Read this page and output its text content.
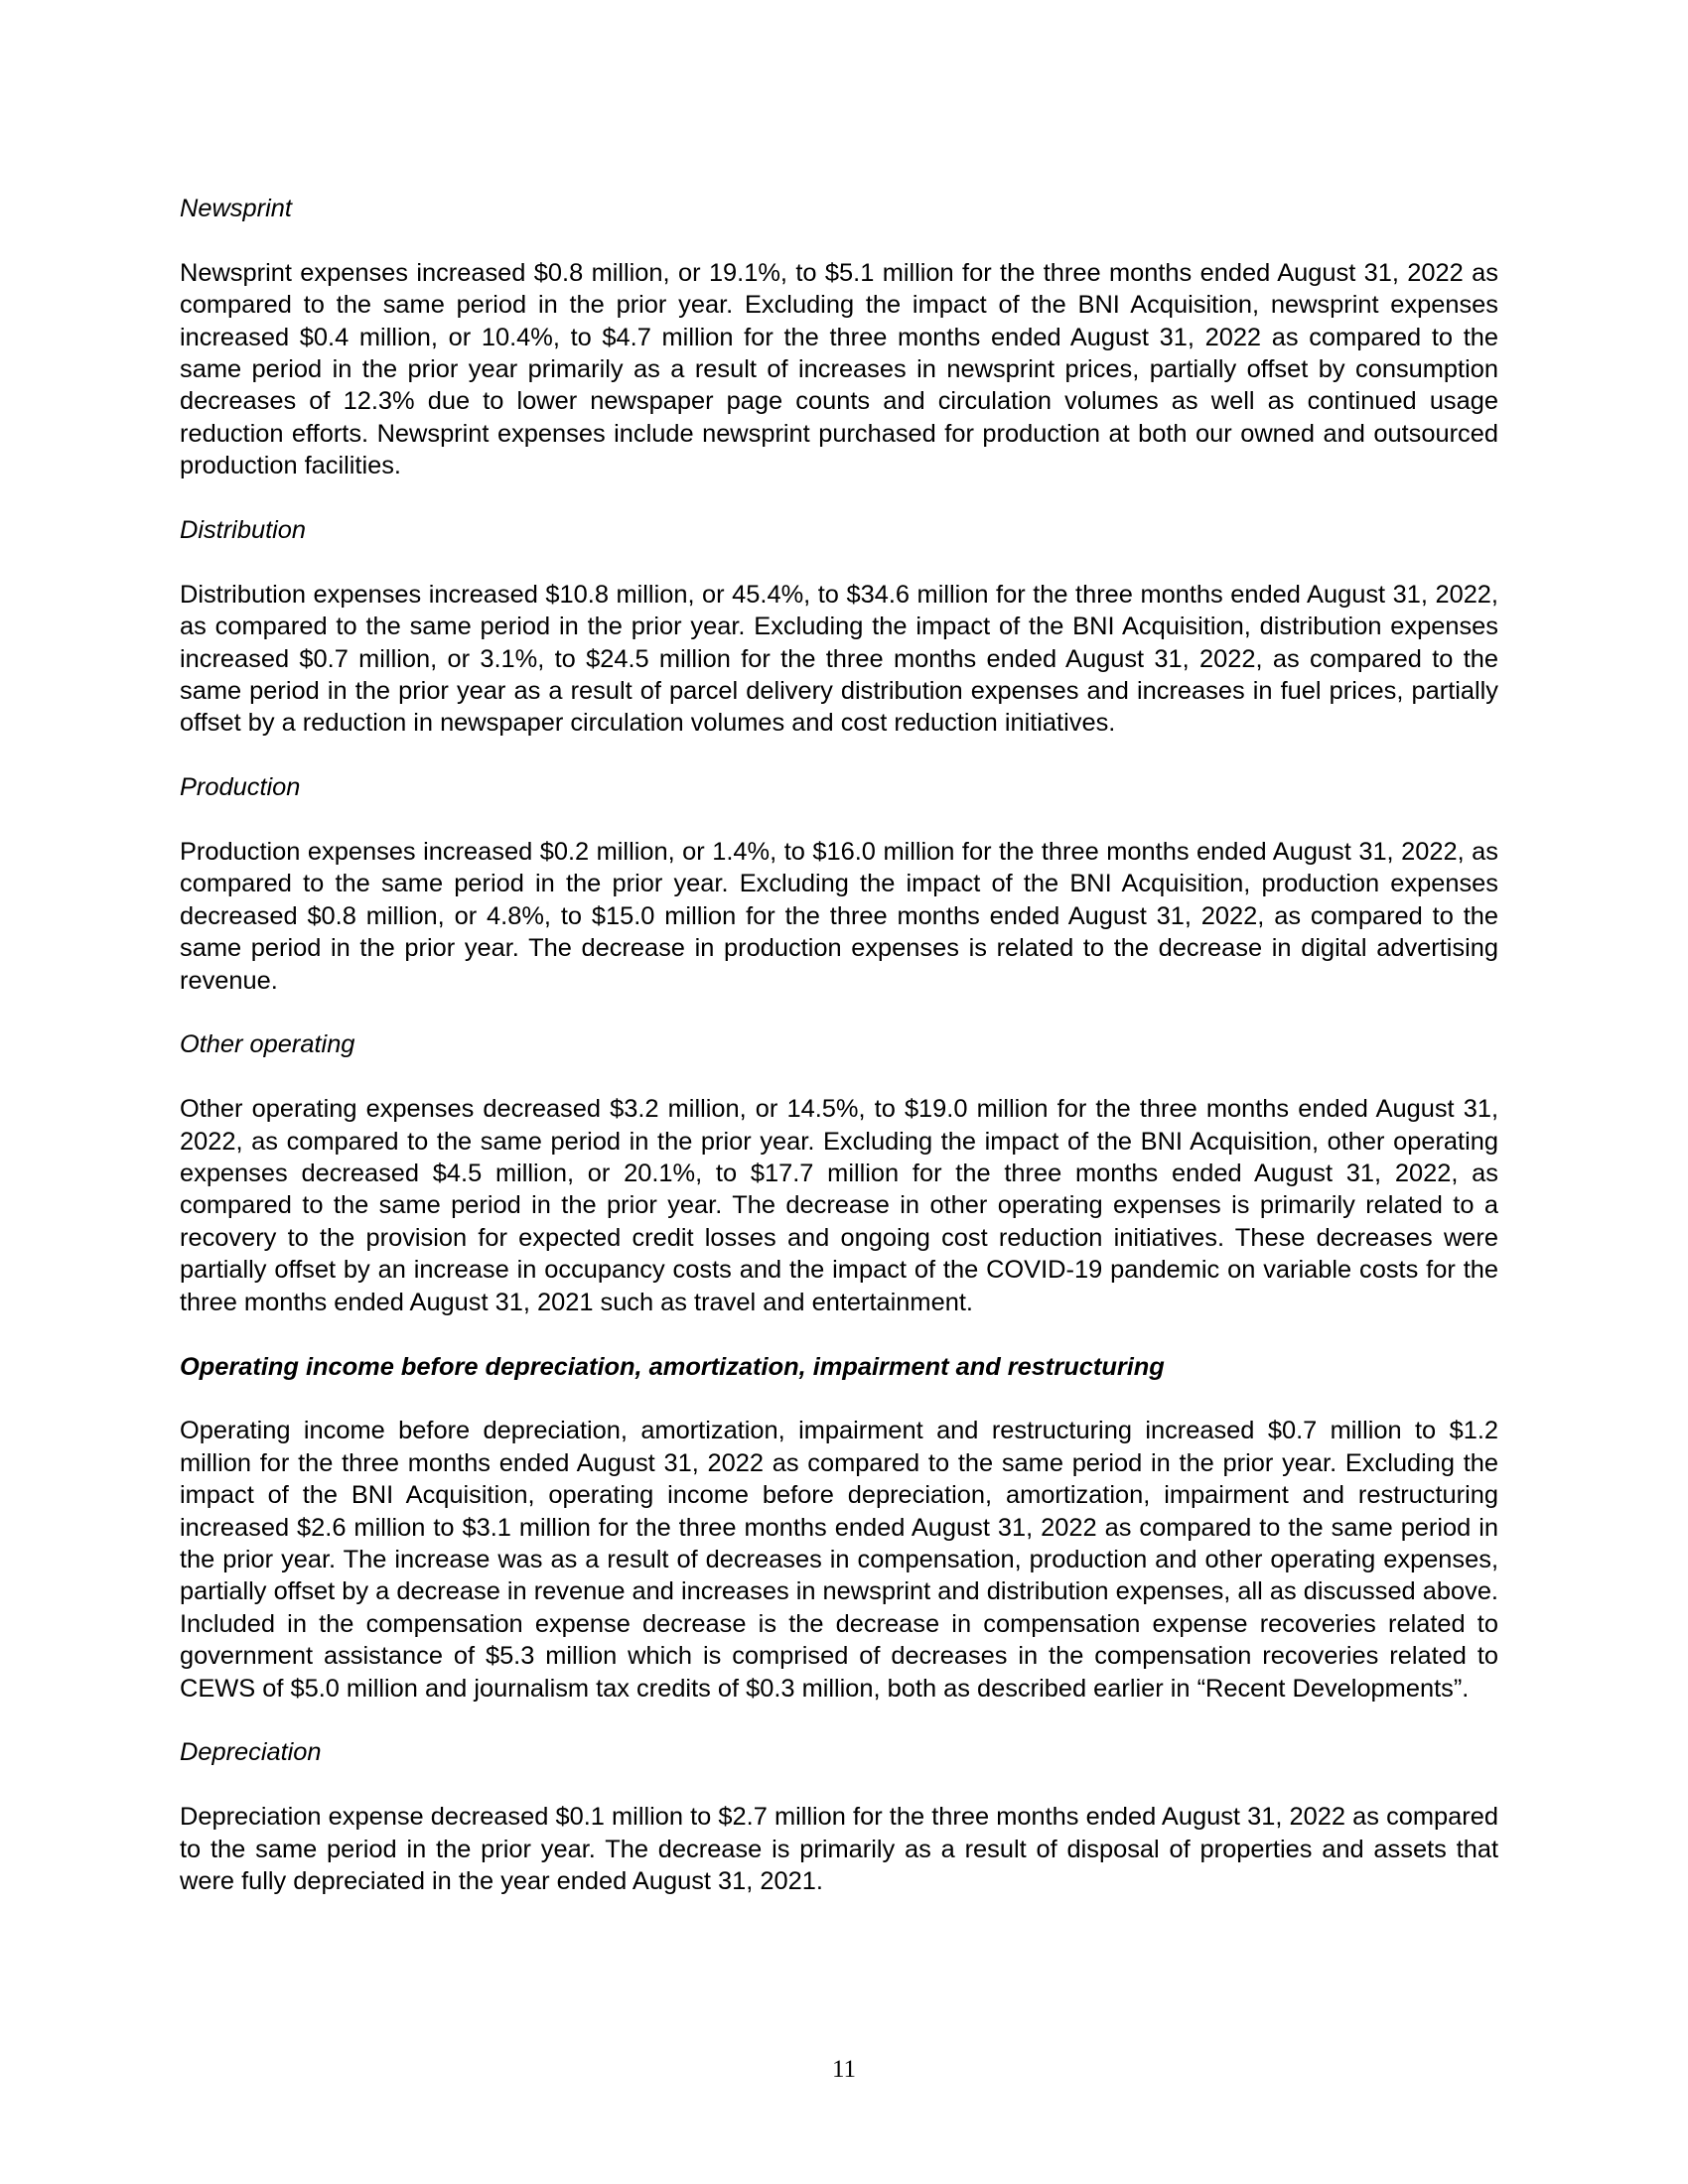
Newsprint
Newsprint expenses increased $0.8 million, or 19.1%, to $5.1 million for the three months ended August 31, 2022 as compared to the same period in the prior year. Excluding the impact of the BNI Acquisition, newsprint expenses increased $0.4 million, or 10.4%, to $4.7 million for the three months ended August 31, 2022 as compared to the same period in the prior year primarily as a result of increases in newsprint prices, partially offset by consumption decreases of 12.3% due to lower newspaper page counts and circulation volumes as well as continued usage reduction efforts. Newsprint expenses include newsprint purchased for production at both our owned and outsourced production facilities.
Distribution
Distribution expenses increased $10.8 million, or 45.4%, to $34.6 million for the three months ended August 31, 2022, as compared to the same period in the prior year. Excluding the impact of the BNI Acquisition, distribution expenses increased $0.7 million, or 3.1%, to $24.5 million for the three months ended August 31, 2022, as compared to the same period in the prior year as a result of parcel delivery distribution expenses and increases in fuel prices, partially offset by a reduction in newspaper circulation volumes and cost reduction initiatives.
Production
Production expenses increased $0.2 million, or 1.4%, to $16.0 million for the three months ended August 31, 2022, as compared to the same period in the prior year. Excluding the impact of the BNI Acquisition, production expenses decreased $0.8 million, or 4.8%, to $15.0 million for the three months ended August 31, 2022, as compared to the same period in the prior year. The decrease in production expenses is related to the decrease in digital advertising revenue.
Other operating
Other operating expenses decreased $3.2 million, or 14.5%, to $19.0 million for the three months ended August 31, 2022, as compared to the same period in the prior year. Excluding the impact of the BNI Acquisition, other operating expenses decreased $4.5 million, or 20.1%, to $17.7 million for the three months ended August 31, 2022, as compared to the same period in the prior year. The decrease in other operating expenses is primarily related to a recovery to the provision for expected credit losses and ongoing cost reduction initiatives. These decreases were partially offset by an increase in occupancy costs and the impact of the COVID-19 pandemic on variable costs for the three months ended August 31, 2021 such as travel and entertainment.
Operating income before depreciation, amortization, impairment and restructuring
Operating income before depreciation, amortization, impairment and restructuring increased $0.7 million to $1.2 million for the three months ended August 31, 2022 as compared to the same period in the prior year. Excluding the impact of the BNI Acquisition, operating income before depreciation, amortization, impairment and restructuring increased $2.6 million to $3.1 million for the three months ended August 31, 2022 as compared to the same period in the prior year. The increase was as a result of decreases in compensation, production and other operating expenses, partially offset by a decrease in revenue and increases in newsprint and distribution expenses, all as discussed above. Included in the compensation expense decrease is the decrease in compensation expense recoveries related to government assistance of $5.3 million which is comprised of decreases in the compensation recoveries related to CEWS of $5.0 million and journalism tax credits of $0.3 million, both as described earlier in “Recent Developments”.
Depreciation
Depreciation expense decreased $0.1 million to $2.7 million for the three months ended August 31, 2022 as compared to the same period in the prior year. The decrease is primarily as a result of disposal of properties and assets that were fully depreciated in the year ended August 31, 2021.
11
